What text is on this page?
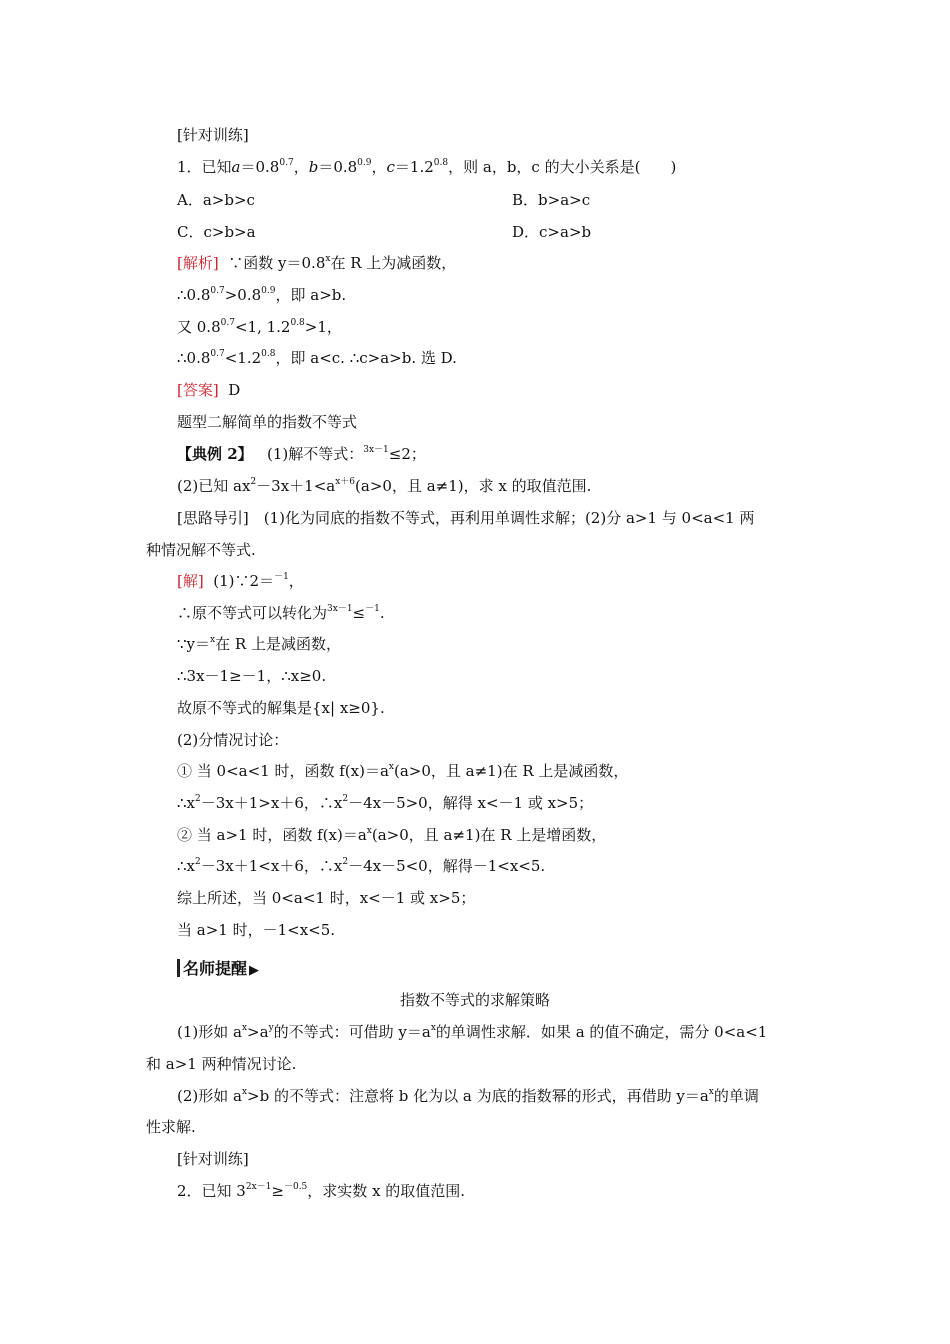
[针对训练]
1．已知$a=0.8^{0.7}$，$b=0.8^{0.9}$，$c=1.2^{0.8}$，则 a，b，c 的大小关系是(　　)
A．a>b>c	B．b>a>c
C．c>b>a	D．c>a>b
[解析] ∵函数 $y=0.8^x$在 R 上为减函数，
$\therefore 0.8^{0.7}>0.8^{0.9}$，即 a>b.
又 $0.8^{0.7}<1$, $1.2^{0.8}>1$，
$\therefore 0.8^{0.7}<1.2^{0.8}$，即 a<c. ∴c>a>b. 选 D.
[答案] D
题型二解简单的指数不等式
【典例 2】 (1)解不等式：$^{3x-1}$≤2；
(2)已知 $ax^2-3x+1<a^{x+6}(a>0$，且 a≠1)，求 x 的取值范围.
[思路导引]　(1)化为同底的指数不等式，再利用单调性求解；(2)分 a>1 与 0<a<1 两
种情况解不等式.
[解] (1)∵2＝$^{-1}$，
∴原不等式可以转化为$^{3x-1}$≤$^{-1}$.
∵y＝$^x$在 R 上是减函数，
∴3x－1≥－1，∴x≥0.
故原不等式的解集是{x| x≥0}.
(2)分情况讨论：
① 当 0<a<1 时，函数 $f(x)=a^x(a>0$，且 a≠1)在 R 上是减函数，
$\therefore x^2-3x+1>x+6$，$\therefore x^2-4x-5>0$，解得 x<－1 或 x>5；
② 当 a>1 时，函数 $f(x)=a^x(a>0$，且 a≠1)在 R 上是增函数，
$\therefore x^2-3x+1<x+6$，$\therefore x^2-4x-5<0$，解得－1<x<5.
综上所述，当 0<a<1 时，x<－1 或 x>5；
当 a>1 时，－1<x<5.
名师提醒 ▶
指数不等式的求解策略
(1)形如 $a^x>a^y$的不等式：可借助 $y=a^x$的单调性求解．如果 a 的值不确定，需分 0<a<1
和 a>1 两种情况讨论.
(2)形如 $a^x>b$ 的不等式：注意将 b 化为以 a 为底的指数幂的形式，再借助 $y=a^x$的单调
性求解.
[针对训练]
2．已知 $3^{2x-1}\ge^{-0.5}$，求实数 x 的取值范围.
